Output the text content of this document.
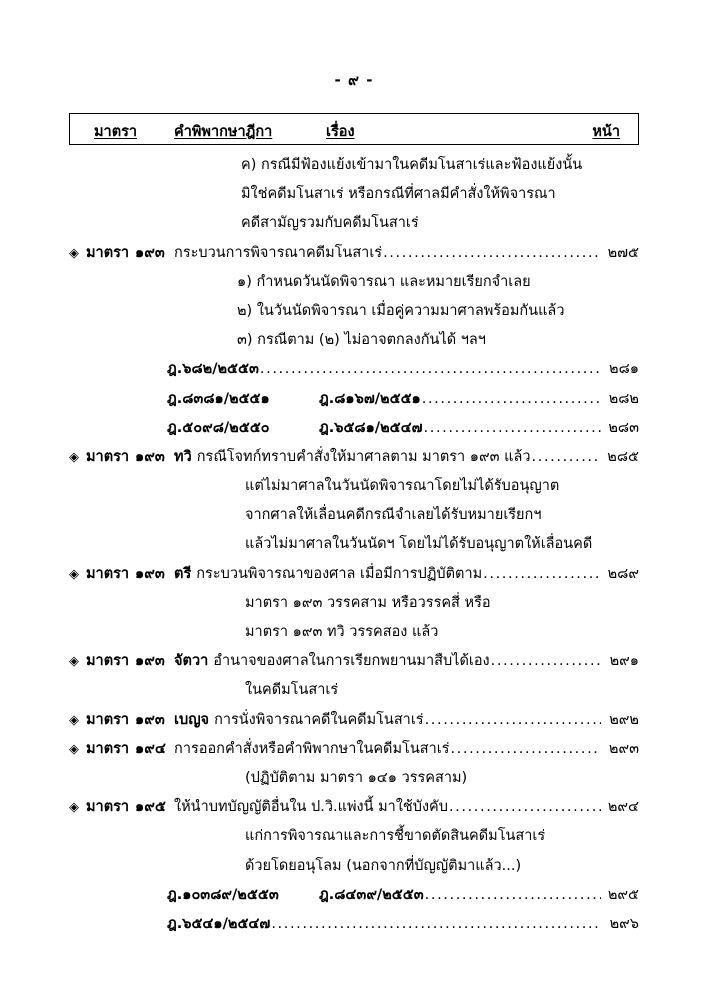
- ๙ -
มาตรา	คำพิพากษาฎีกา	เรื่อง	หน้า
ค) กรณีมีฟ้องแย้งเข้ามาในคดีมโนสาเร่และฟ้องแย้งนั้น
มิใช่คดีมโนสาเร่ หรือกรณีที่ศาลมีคำสั่งให้พิจารณา
คดีสามัญรวมกับคดีมโนสาเร่
◈ มาตรา ๑๙๓ กระบวนการพิจารณาคดีมโนสาเร่ .....	๒๗๕
๑) กำหนดวันนัดพิจารณา และหมายเรียกจำเลย
๒) ในวันนัดพิจารณา เมื่อคู่ความมาศาลพร้อมกันแล้ว
๓) กรณีตาม (๒) ไม่อาจตกลงกันได้ ฯลฯ
ฎ.๖๘๒/๒๕๕๓ .....	๒๘๑
ฎ.๘๓๘๑/๒๕๕๑	ฎ.๘๑๖๗/๒๕๕๑ .....	๒๘๒
ฎ.๕๐๙๘/๒๕๕๐	ฎ.๖๕๘๑/๒๕๔๗ .....	๒๘๓
◈ มาตรา ๑๙๓ ทวิ กรณีโจทก์ทราบคำสั่งให้มาศาลตาม มาตรา ๑๙๓ แล้ว .....	๒๘๕
แต่ไม่มาศาลในวันนัดพิจารณาโดยไม่ได้รับอนุญาต
จากศาลให้เลื่อนคดีกรณีจำเลยได้รับหมายเรียกฯ
แล้วไม่มาศาลในวันนัดฯ โดยไม่ได้รับอนุญาตให้เลื่อนคดี
◈ มาตรา ๑๙๓ ตรี กระบวนพิจารณาของศาล เมื่อมีการปฏิบัติตาม .....	๒๘๙
มาตรา ๑๙๓ วรรคสาม หรือวรรคสี่ หรือ
มาตรา ๑๙๓ ทวิ วรรคสอง แล้ว
◈ มาตรา ๑๙๓ จัตวา อำนาจของศาลในการเรียกพยานมาสืบได้เอง .....	๒๙๑
ในคดีมโนสาเร่
◈ มาตรา ๑๙๓ เบญจ การนั่งพิจารณาคดีในคดีมโนสาเร่ .....	๒๙๒
◈ มาตรา ๑๙๔ การออกคำสั่งหรือคำพิพากษาในคดีมโนสาเร่ .....	๒๙๓
(ปฏิบัติตาม มาตรา ๑๔๑ วรรคสาม)
◈ มาตรา ๑๙๕ ให้นำบทบัญญัติอื่นใน ป.วิ.แพ่งนี้ มาใช้บังคับ .....	๒๙๔
แก่การพิจารณาและการชี้ขาดตัดสินคดีมโนสาเร่
ด้วยโดยอนุโลม (นอกจากที่บัญญัติมาแล้ว...)
ฎ.๑๐๓๘๙/๒๕๕๓	ฎ.๘๔๓๙/๒๕๕๓ .....	๒๙๕
ฎ.๖๕๔๑/๒๕๔๗ .....	๒๙๖
